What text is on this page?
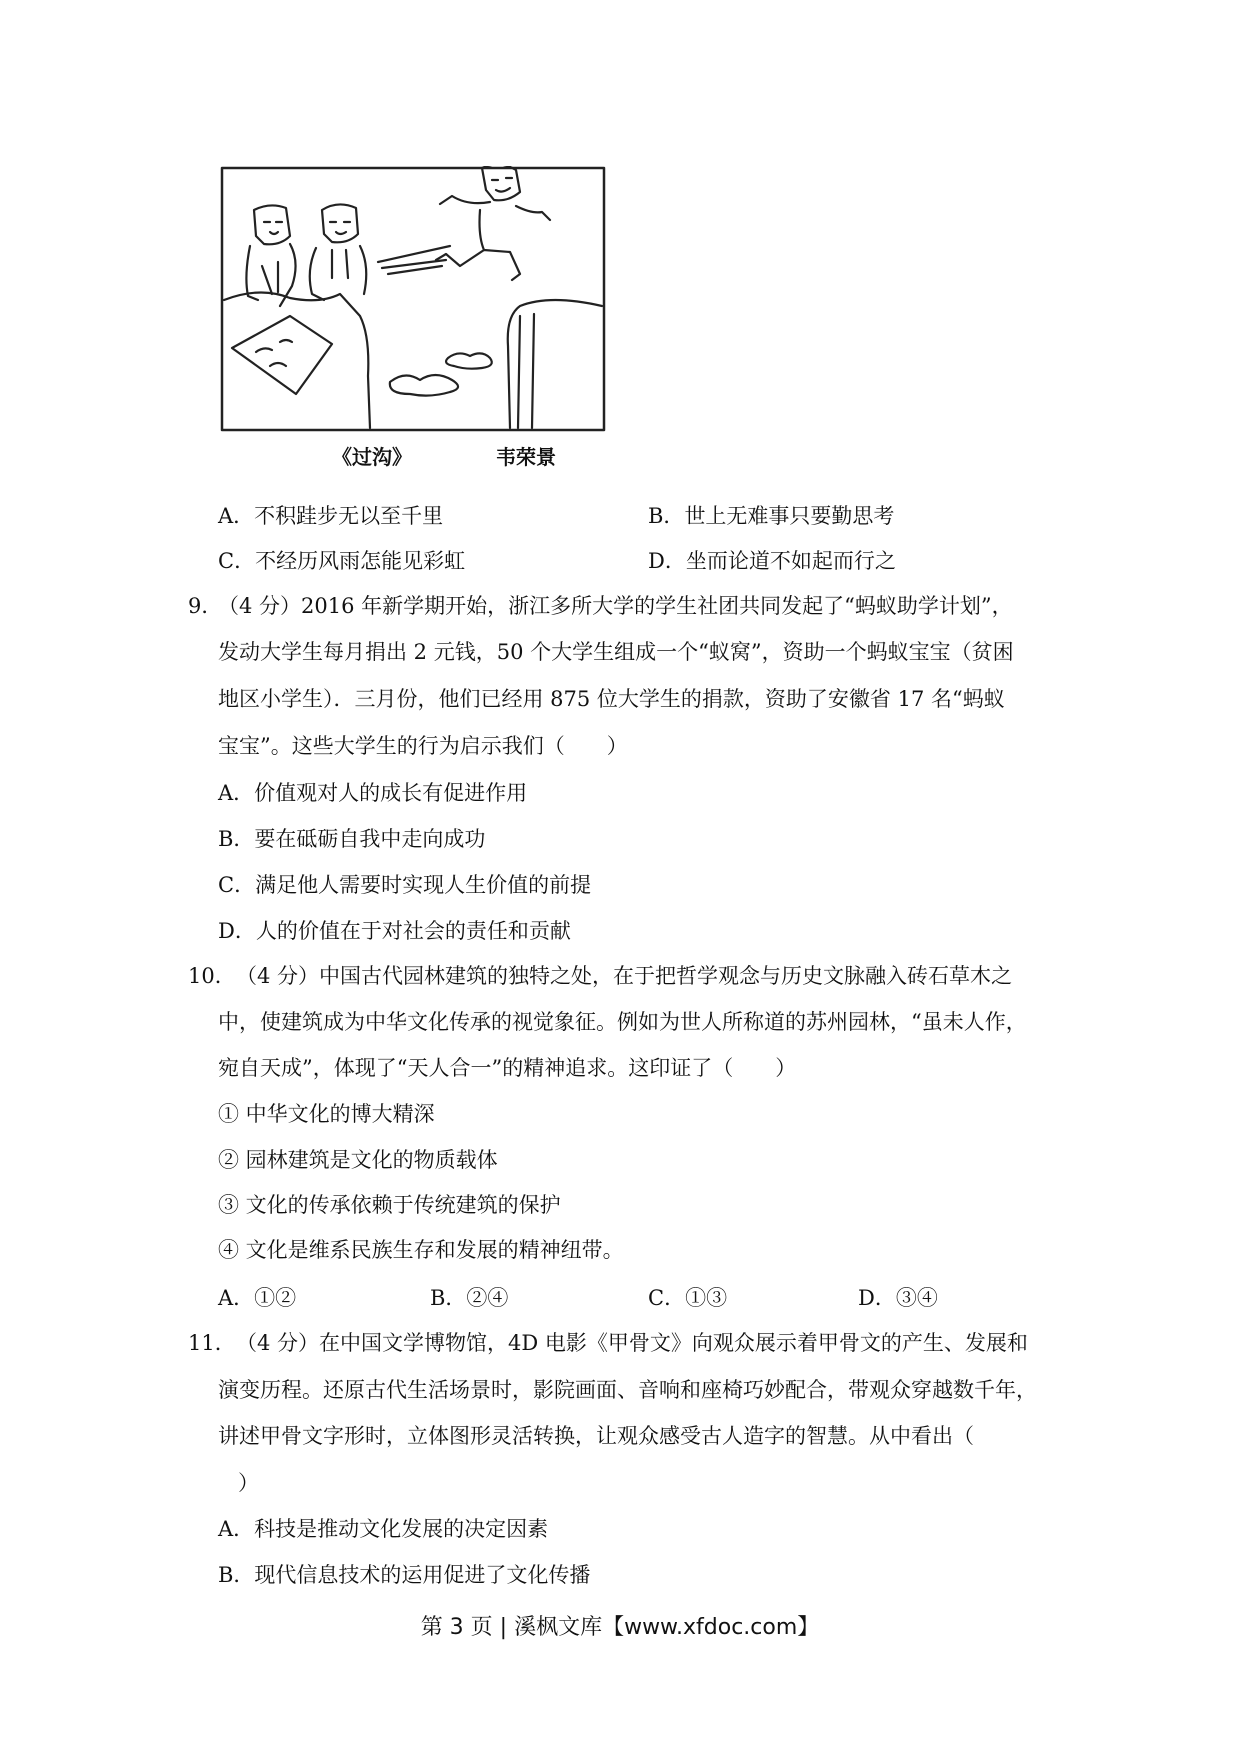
《过沟》	韦荣景
A．不积跬步无以至千里	B．世上无难事只要勤思考
C．不经历风雨怎能见彩虹	D．坐而论道不如起而行之
9．
（4 分）2016 年新学期开始，浙江多所大学的学生社团共同发起了“蚂蚁助学计划”，
发动大学生每月捐出 2 元钱，50 个大学生组成一个“蚁窝”，资助一个蚂蚁宝宝（贫困
地区小学生）．三月份，他们已经用 875 位大学生的捐款，资助了安徽省 17 名“蚂蚁
宝宝”。这些大学生的行为启示我们（　　）
A．价值观对人的成长有促进作用
B．要在砥砺自我中走向成功
C．满足他人需要时实现人生价值的前提
D．人的价值在于对社会的责任和贡献
10． （4 分）中国古代园林建筑的独特之处，在于把哲学观念与历史文脉融入砖石草木之
中，使建筑成为中华文化传承的视觉象征。例如为世人所称道的苏州园林，“虽未人作，
宛自天成”，体现了“天人合一”的精神追求。这印证了（　　）
① 中华文化的博大精深
② 园林建筑是文化的物质载体
③ 文化的传承依赖于传统建筑的保护
④ 文化是维系民族生存和发展的精神纽带。
A．①②	B．②④	C．①③	D．③④
11． （4 分）在中国文学博物馆，4D 电影《甲骨文》向观众展示着甲骨文的产生、发展和
演变历程。还原古代生活场景时，影院画面、音响和座椅巧妙配合，带观众穿越数千年，
讲述甲骨文字形时，立体图形灵活转换，让观众感受古人造字的智慧。从中看出（
）
A．科技是推动文化发展的决定因素
B．现代信息技术的运用促进了文化传播
第 3 页 | 溪枫文库【www.xfdoc.com】
